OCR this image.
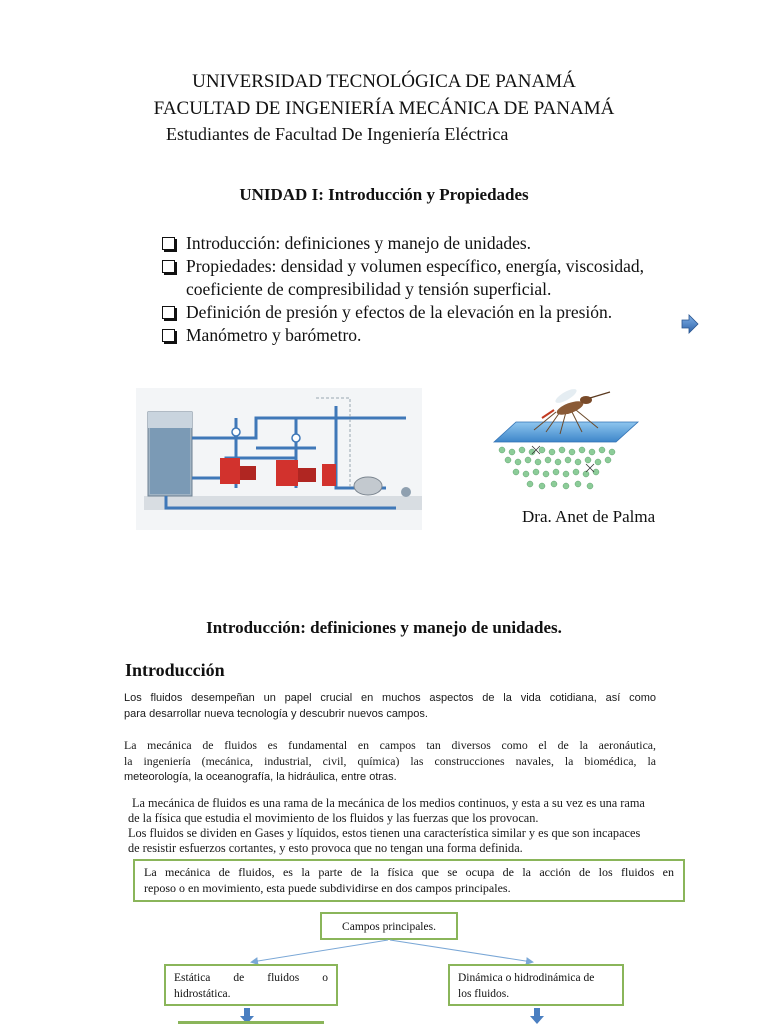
UNIVERSIDAD TECNOLÓGICA DE PANAMÁ
FACULTAD DE INGENIERÍA MECÁNICA DE PANAMÁ
Estudiantes de Facultad De Ingeniería Eléctrica
UNIDAD I: Introducción y Propiedades
Introducción: definiciones y manejo de unidades.
Propiedades: densidad y volumen específico, energía, viscosidad,
coeficiente de compresibilidad y tensión superficial.
Definición de presión y efectos de la elevación en la presión.
Manómetro y barómetro.
Dra. Anet de Palma
Introducción: definiciones y manejo de unidades.
Introducción
Los fluidos desempeñan un papel crucial en muchos aspectos de la vida cotidiana, así como
para desarrollar nueva tecnología y descubrir nuevos campos.
La mecánica de fluidos es fundamental en campos tan diversos como el de la aeronáutica,
la ingeniería (mecánica, industrial, civil, química) las construcciones navales, la biomédica, la
meteorología, la oceanografía, la hidráulica, entre otras.
La mecánica de fluidos es una rama de la mecánica de los medios continuos, y esta a su vez es una rama
de la física que estudia el movimiento de los fluidos y las fuerzas que los provocan.
Los fluidos se dividen en Gases y líquidos, estos tienen una característica similar y es que son incapaces
de resistir esfuerzos cortantes, y esto provoca que no tengan una forma definida.
La mecánica de fluidos, es la parte de la física que se ocupa de la acción de los fluidos en
reposo o en movimiento, esta puede subdividirse en dos campos principales.
Campos principales.
Estática de fluidos o
hidrostática.
Dinámica o hidrodinámica de
los fluidos.
